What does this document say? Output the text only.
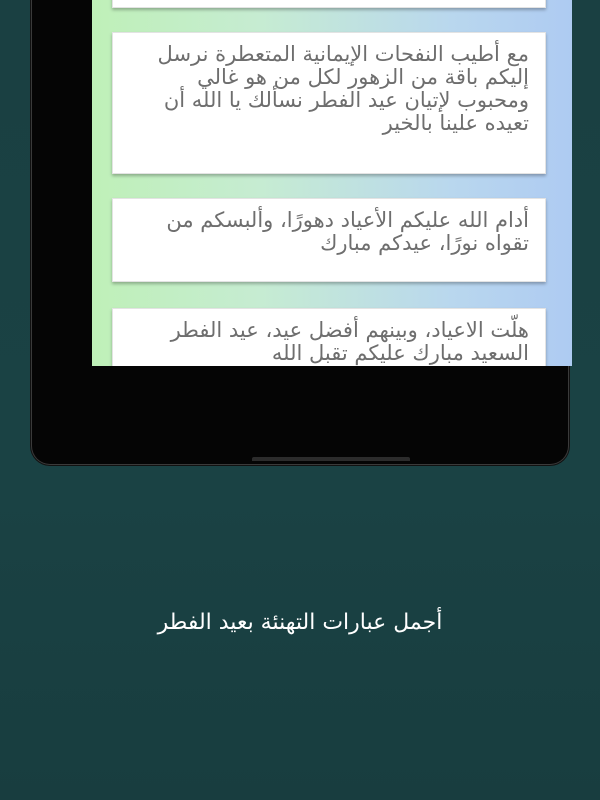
مع أطيب النفحات الإيمانية المتعطرة نرسل إليكم باقة من الزهور لكل من هو غالي ومحبوب لإتيان عيد الفطر نسألك يا الله أن تعيده علينا بالخير
أدام الله عليكم الأعياد دهورًا، وألبسكم من تقواه نورًا، عيدكم مبارك
هلّت الاعياد، وبينهم أفضل عيد، عيد الفطر السعيد مبارك عليكم تقبل الله
أجمل عبارات التهنئة بعيد الفطر
